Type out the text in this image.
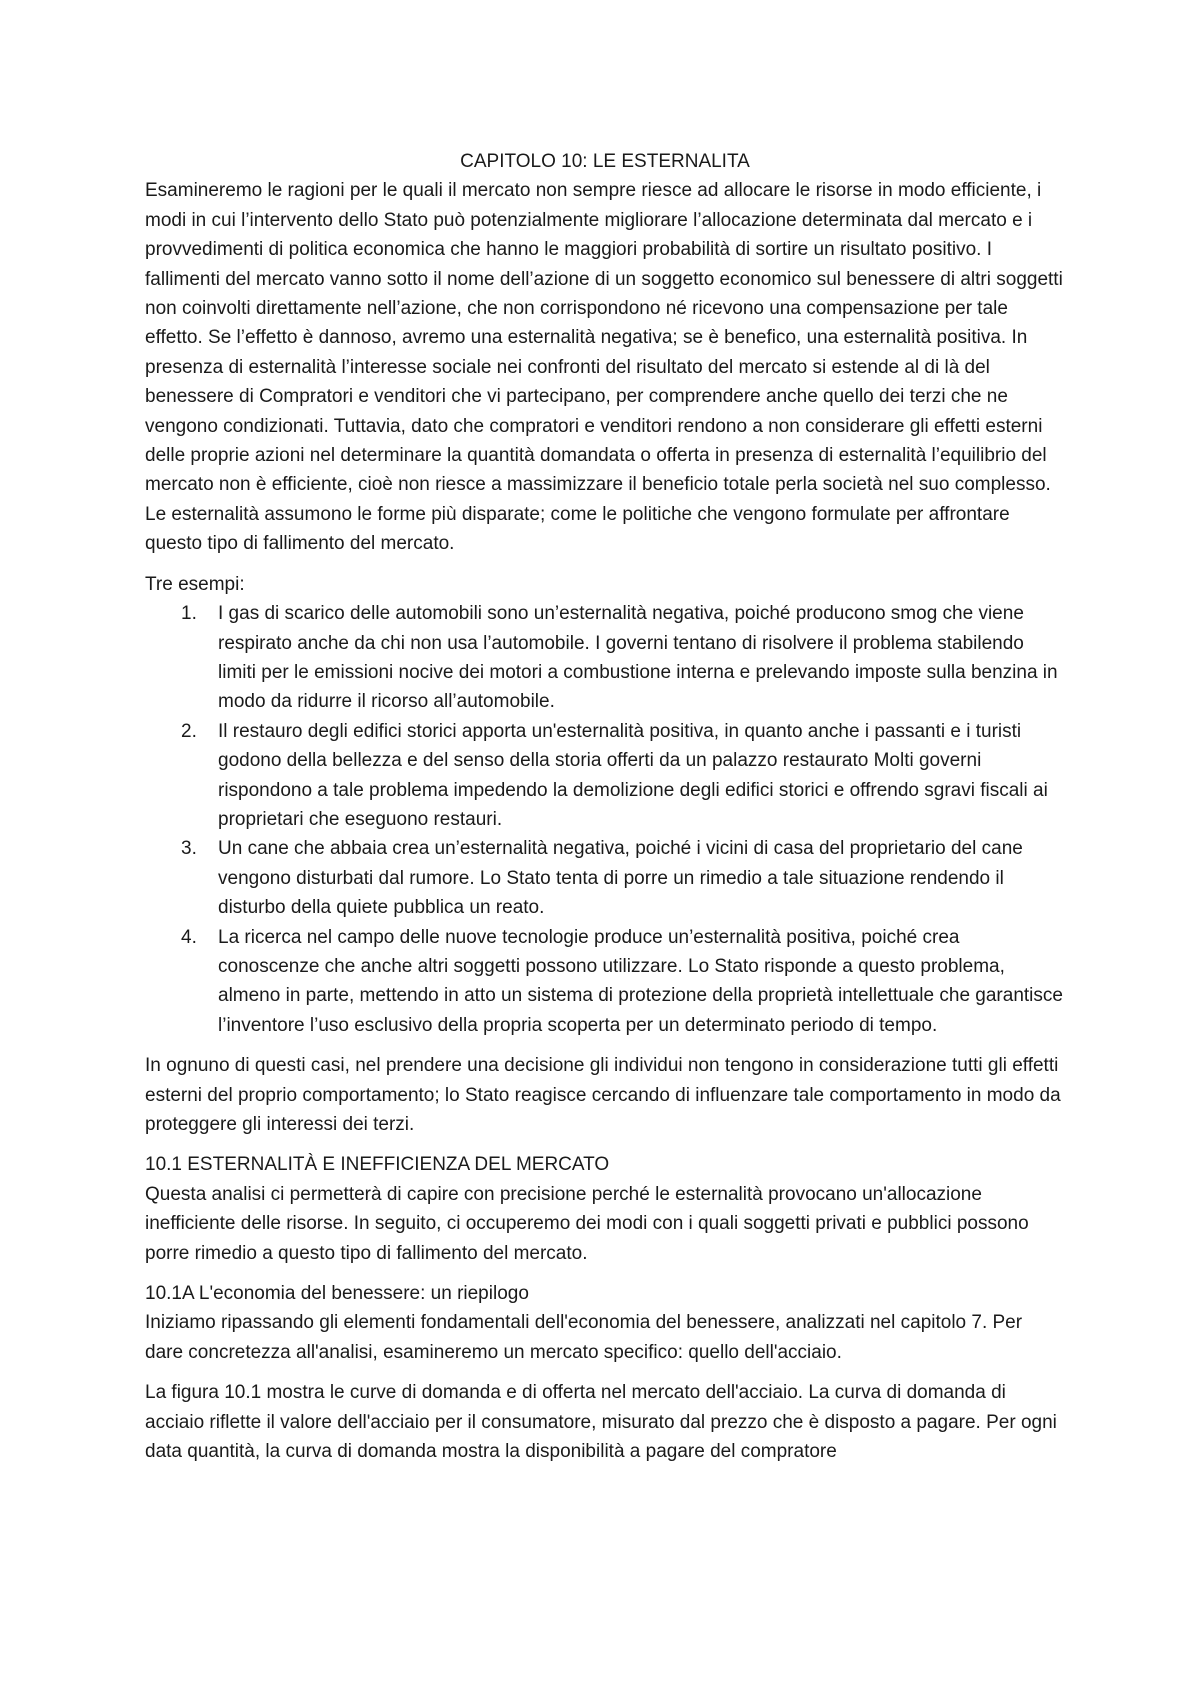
CAPITOLO 10: LE ESTERNALITA

Esamineremo le ragioni per le quali il mercato non sempre riesce ad allocare le risorse in modo efficiente, i modi in cui l’intervento dello Stato può potenzialmente migliorare l’allocazione determinata dal mercato e i provvedimenti di politica economica che hanno le maggiori probabilità di sortire un risultato positivo. I fallimenti del mercato vanno sotto il nome dell’azione di un soggetto economico sul benessere di altri soggetti non coinvolti direttamente nell’azione, che non corrispondono né ricevono una compensazione per tale effetto. Se l’effetto è dannoso, avremo una esternalità negativa; se è benefico, una esternalità positiva. In presenza di esternalità l’interesse sociale nei confronti del risultato del mercato si estende al di là del benessere di Compratori e venditori che vi partecipano, per comprendere anche quello dei terzi che ne vengono condizionati. Tuttavia, dato che compratori e venditori rendono a non considerare gli effetti esterni delle proprie azioni nel determinare la quantità domandata o offerta in presenza di esternalità l’equilibrio del mercato non è efficiente, cioè non riesce a massimizzare il beneficio totale perla società nel suo complesso. Le esternalità assumono le forme più disparate; come le politiche che vengono formulate per affrontare questo tipo di fallimento del mercato.

Tre esempi:

1. I gas di scarico delle automobili sono un’esternalità negativa, poiché producono smog che viene respirato anche da chi non usa l’automobile. I governi tentano di risolvere il problema stabilendo limiti per le emissioni nocive dei motori a combustione interna e prelevando imposte sulla benzina in modo da ridurre il ricorso all’automobile.
2. Il restauro degli edifici storici apporta un'esternalità positiva, in quanto anche i passanti e i turisti godono della bellezza e del senso della storia offerti da un palazzo restaurato Molti governi rispondono a tale problema impedendo la demolizione degli edifici storici e offrendo sgravi fiscali ai proprietari che eseguono restauri.
3. Un cane che abbaia crea un’esternalità negativa, poiché i vicini di casa del proprietario del cane vengono disturbati dal rumore. Lo Stato tenta di porre un rimedio a tale situazione rendendo il disturbo della quiete pubblica un reato.
4. La ricerca nel campo delle nuove tecnologie produce un’esternalità positiva, poiché crea conoscenze che anche altri soggetti possono utilizzare. Lo Stato risponde a questo problema, almeno in parte, mettendo in atto un sistema di protezione della proprietà intellettuale che garantisce l’inventore l’uso esclusivo della propria scoperta per un determinato periodo di tempo.

In ognuno di questi casi, nel prendere una decisione gli individui non tengono in considerazione tutti gli effetti esterni del proprio comportamento; lo Stato reagisce cercando di influenzare tale comportamento in modo da proteggere gli interessi dei terzi.

10.1 ESTERNALITÀ E INEFFICIENZA DEL MERCATO

Questa analisi ci permetterà di capire con precisione perché le esternalità provocano un'allocazione inefficiente delle risorse. In seguito, ci occuperemo dei modi con i quali soggetti privati e pubblici possono porre rimedio a questo tipo di fallimento del mercato.

10.1A L'economia del benessere: un riepilogo

Iniziamo ripassando gli elementi fondamentali dell'economia del benessere, analizzati nel capitolo 7. Per dare concretezza all'analisi, esamineremo un mercato specifico: quello dell'acciaio.

La figura 10.1 mostra le curve di domanda e di offerta nel mercato dell'acciaio. La curva di domanda di acciaio riflette il valore dell'acciaio per il consumatore, misurato dal prezzo che è disposto a pagare. Per ogni data quantità, la curva di domanda mostra la disponibilità a pagare del compratore
